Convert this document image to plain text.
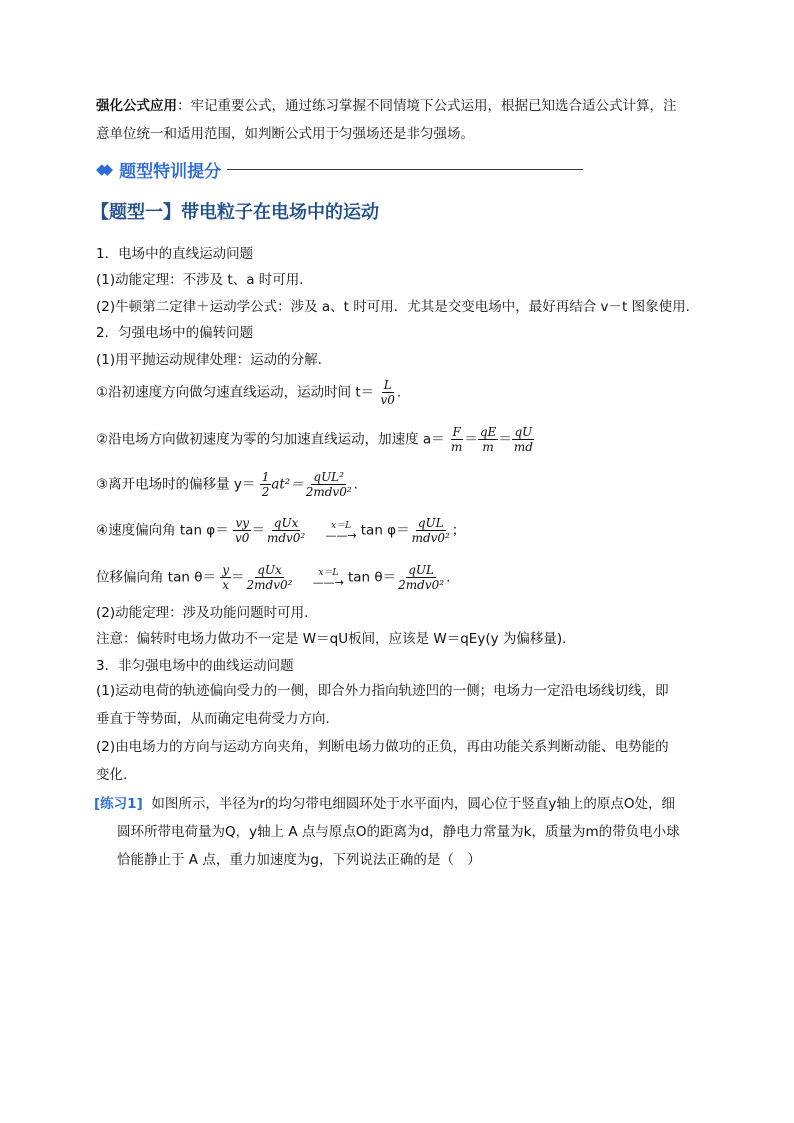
强化公式应用：牢记重要公式，通过练习掌握不同情境下公式运用，根据已知选合适公式计算，注
意单位统一和适用范围，如判断公式用于匀强场还是非匀强场。
◆◆ 题型特训提分
【题型一】带电粒子在电场中的运动
1．电场中的直线运动问题
(1)动能定理：不涉及 t、a 时可用．
(2)牛顿第二定律＋运动学公式：涉及 a、t 时可用．尤其是交变电场中，最好再结合 v－t 图象使用．
2．匀强电场中的偏转问题
(1)用平抛运动规律处理：运动的分解．
①沿初速度方向做匀速直线运动，运动时间 $t= \frac{L}{v0}$ .
②沿电场方向做初速度为零的匀加速直线运动，加速度 $a= \frac{F}{m} = \frac{qE}{m} = \frac{qU}{md}$
③离开电场时的偏移量 $y= \frac{1}{2} at^2= \frac{\text{qUL²}}{\text{2mdv0²}}$ .
④速度偏向角 $\tan \varphi= \frac{vy}{v0} = \frac{\text{qUx}}{\text{mdv0²}}$
	x＝L
——→ $\tan \varphi= \frac{\text{qUL}}{\text{mdv0²}}$ ；
位移偏向角 $\tan \theta= \frac{y}{x} = \frac{\text{qUx}}{\text{2mdv0²}}$
	x＝L
——→ $\tan \theta= \frac{\text{qUL}}{\text{2mdv0²}}$ .
(2)动能定理：涉及功能问题时可用．
注意：偏转时电场力做功不一定是 W＝qU板间，应该是 W＝qEy(y 为偏移量)．
3．非匀强电场中的曲线运动问题
(1)运动电荷的轨迹偏向受力的一侧，即合外力指向轨迹凹的一侧；电场力一定沿电场线切线，即
垂直于等势面，从而确定电荷受力方向．
(2)由电场力的方向与运动方向夹角，判断电场力做功的正负，再由功能关系判断动能、电势能的
变化．
[练习1] 如图所示，半径为r的均匀带电细圆环处于水平面内，圆心位于竖直y轴上的原点O处，细
圆环所带电荷量为Q，y轴上 A 点与原点O的距离为d，静电力常量为k，质量为m的带负电小球
恰能静止于 A 点，重力加速度为g，下列说法正确的是（　）
